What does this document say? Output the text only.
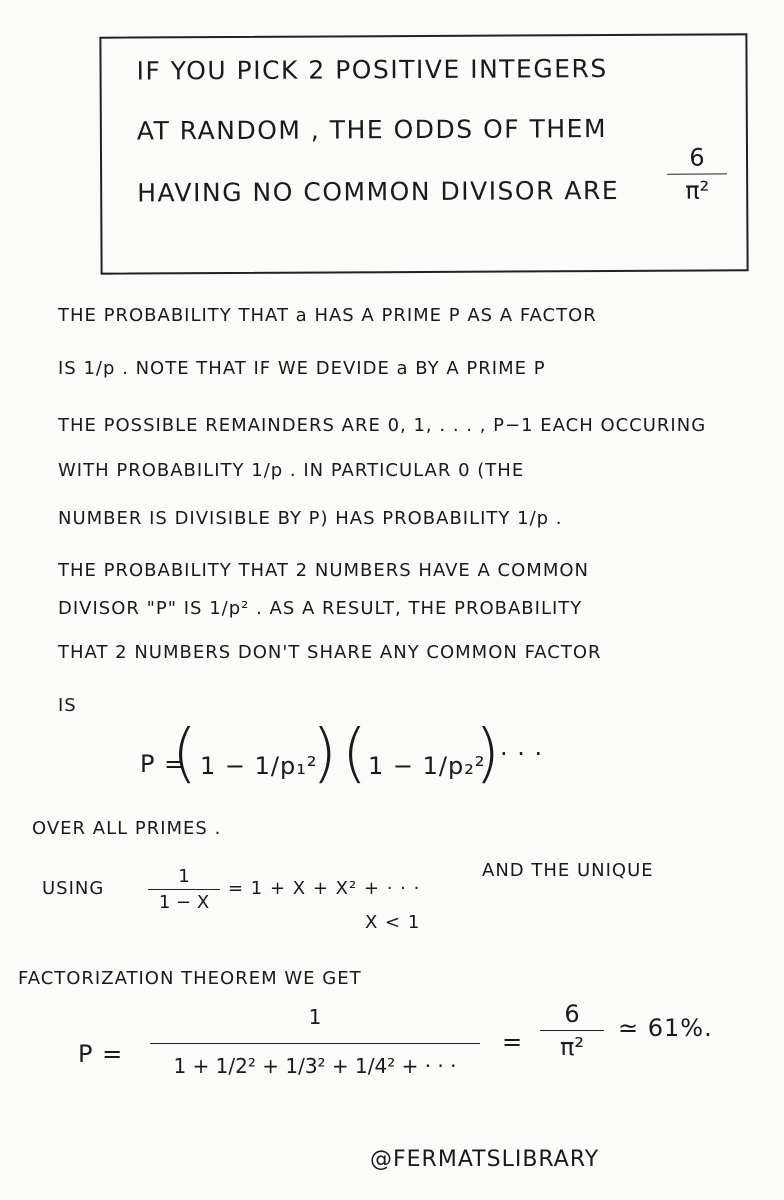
IF YOU PICK 2 POSITIVE INTEGERS
AT RANDOM , THE ODDS OF THEM
HAVING NO COMMON DIVISOR ARE
6
π²
THE PROBABILITY THAT a HAS A PRIME P AS A FACTOR
IS 1/p . NOTE THAT IF WE DEVIDE a BY A PRIME P
THE POSSIBLE REMAINDERS ARE 0, 1, . . . , P−1 EACH OCCURING
WITH PROBABILITY 1/p . IN PARTICULAR 0 (THE
NUMBER IS DIVISIBLE BY P) HAS PROBABILITY 1/p .
THE PROBABILITY THAT 2 NUMBERS HAVE A COMMON
DIVISOR "P" IS 1/p² . AS A RESULT, THE PROBABILITY
THAT 2 NUMBERS DON'T SHARE ANY COMMON FACTOR
IS
P =
( 1 − 1/p₁²
) ( 1 − 1/p₂²
) · · ·
OVER ALL PRIMES .
USING
1
1 − X
= 1 + X + X² + · · ·
X < 1
AND THE UNIQUE
FACTORIZATION THEOREM WE GET
P =
1
1 + 1/2² + 1/3² + 1/4² + · · ·
=
6
π²
≃ 61%.
@FERMATSLIBRARY
